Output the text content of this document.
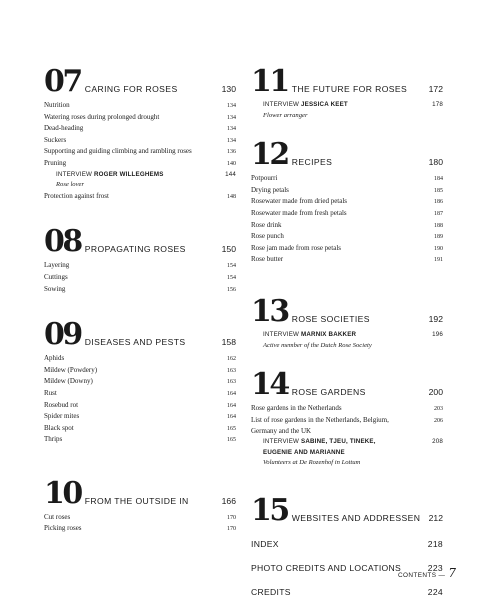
07 CARING FOR ROSES	130
Nutrition	134
Watering roses during prolonged drought	134
Dead-heading	134
Suckers	134
Supporting and guiding climbing and rambling roses	136
Pruning	140
INTERVIEW ROGER WILLEGHEMS	144
Rose lover
Protection against frost	148
08 PROPAGATING ROSES	150
Layering	154
Cuttings	154
Sowing	156
09 DISEASES AND PESTS	158
Aphids	162
Mildew (Powdery)	163
Mildew (Downy)	163
Rust	164
Rosebud rot	164
Spider mites	164
Black spot	165
Thrips	165
10 FROM THE OUTSIDE IN	166
Cut roses	170
Picking roses	170
11 THE FUTURE FOR ROSES	172
INTERVIEW JESSICA KEET	178
Flower arranger
12 RECIPES	180
Potpourri	184
Drying petals	185
Rosewater made from dried petals	186
Rosewater made from fresh petals	187
Rose drink	188
Rose punch	189
Rose jam made from rose petals	190
Rose butter	191
13 ROSE SOCIETIES	192
INTERVIEW MARNIX BAKKER	196
Active member of the Dutch Rose Society
14 ROSE GARDENS	200
Rose gardens in the Netherlands	203
List of rose gardens in the Netherlands, Belgium,	206
Germany and the UK
INTERVIEW SABINE, TJEU, TINEKE,	208
EUGENIE AND MARIANNE
Volunteers at De Rozenhof in Lottum
15 WEBSITES AND ADDRESSEN 212
INDEX	218
PHOTO CREDITS AND LOCATIONS	223
CREDITS	224
CONTENTS — 7
